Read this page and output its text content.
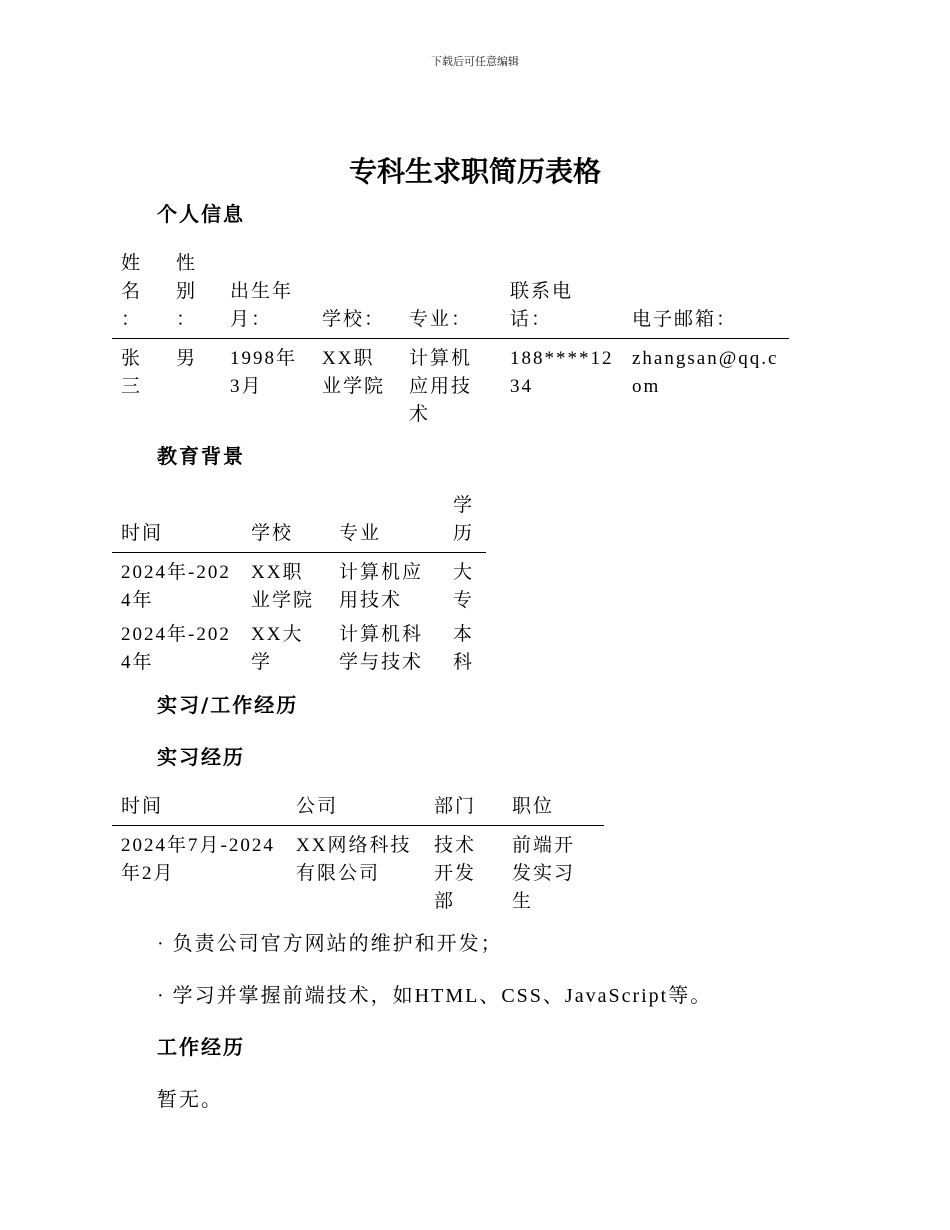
下载后可任意编辑
专科生求职简历表格
个人信息
姓名：	性别：	出生年月：	学校：	专业：	联系电话：	电子邮箱：
张三	男	1998年3月	XX职业学院	计算机应用技术	188****1234	zhangsan@qq.com
教育背景
时间	学校	专业	学历
2024年-2024年	XX职业学院	计算机应用技术	大专
2024年-2024年	XX大学	计算机科学与技术	本科
实习/工作经历
实习经历
时间	公司	部门	职位
2024年7月-2024年2月	XX网络科技有限公司	技术开发部	前端开发实习生
· 负责公司官方网站的维护和开发；
· 学习并掌握前端技术，如HTML、CSS、JavaScript等。
工作经历
暂无。
